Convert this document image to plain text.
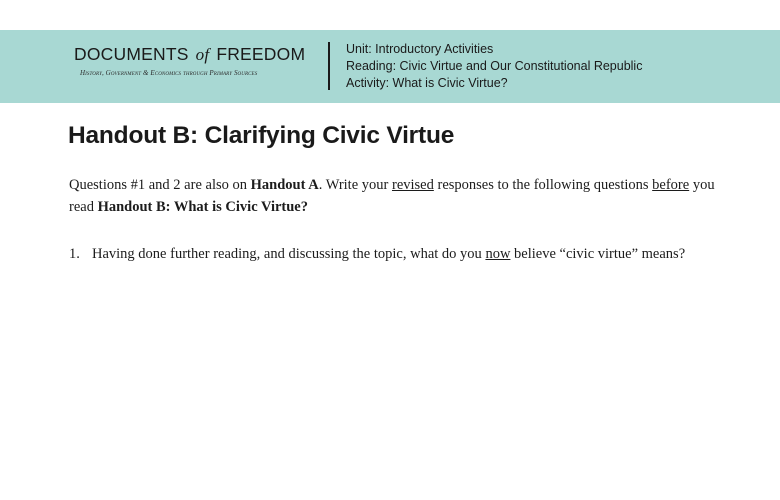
DOCUMENTS of FREEDOM
History, Government & Economics through Primary Sources
Unit: Introductory Activities
Reading: Civic Virtue and Our Constitutional Republic
Activity: What is Civic Virtue?
Handout B: Clarifying Civic Virtue
Questions #1 and 2 are also on Handout A. Write your revised responses to the following questions before you read Handout B: What is Civic Virtue?
1. Having done further reading, and discussing the topic, what do you now believe “civic virtue” means?
